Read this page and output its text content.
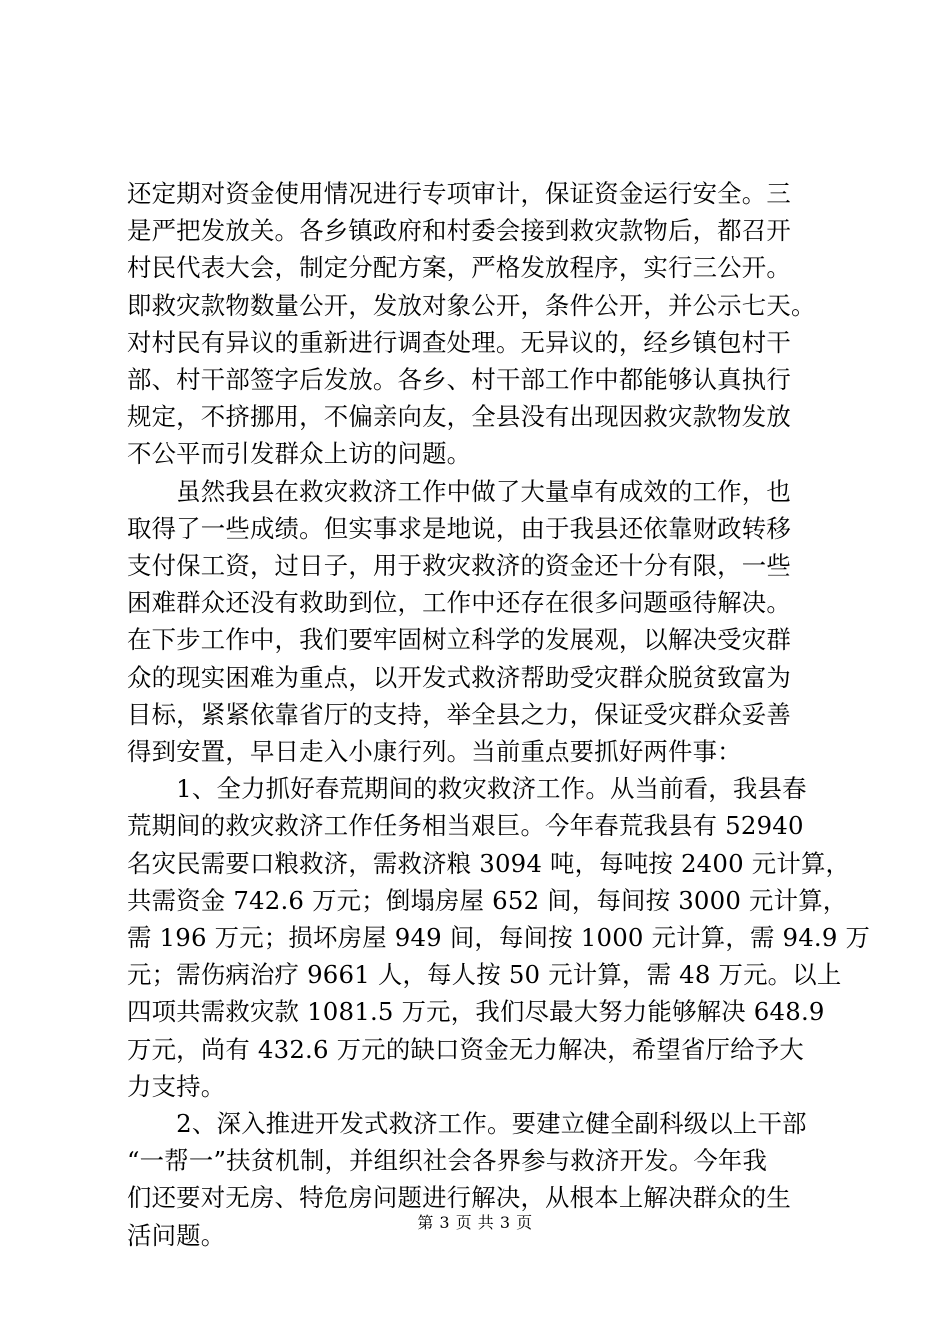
还定期对资金使用情况进行专项审计，保证资金运行安全。三
是严把发放关。各乡镇政府和村委会接到救灾款物后，都召开
村民代表大会，制定分配方案，严格发放程序，实行三公开。
即救灾款物数量公开，发放对象公开，条件公开，并公示七天。
对村民有异议的重新进行调查处理。无异议的，经乡镇包村干
部、村干部签字后发放。各乡、村干部工作中都能够认真执行
规定，不挤挪用，不偏亲向友，全县没有出现因救灾款物发放
不公平而引发群众上访的问题。
　　虽然我县在救灾救济工作中做了大量卓有成效的工作，也
取得了一些成绩。但实事求是地说，由于我县还依靠财政转移
支付保工资，过日子，用于救灾救济的资金还十分有限，一些
困难群众还没有救助到位，工作中还存在很多问题亟待解决。
在下步工作中，我们要牢固树立科学的发展观，以解决受灾群
众的现实困难为重点，以开发式救济帮助受灾群众脱贫致富为
目标，紧紧依靠省厅的支持，举全县之力，保证受灾群众妥善
得到安置，早日走入小康行列。当前重点要抓好两件事：
　　1、全力抓好春荒期间的救灾救济工作。从当前看，我县春
荒期间的救灾救济工作任务相当艰巨。今年春荒我县有 52940
名灾民需要口粮救济，需救济粮 3094 吨，每吨按 2400 元计算，
共需资金 742.6 万元；倒塌房屋 652 间，每间按 3000 元计算，
需 196 万元；损坏房屋 949 间，每间按 1000 元计算，需 94.9 万
元；需伤病治疗 9661 人，每人按 50 元计算，需 48 万元。以上
四项共需救灾款 1081.5 万元，我们尽最大努力能够解决 648.9
万元，尚有 432.6 万元的缺口资金无力解决，希望省厅给予大
力支持。
　　2、深入推进开发式救济工作。要建立健全副科级以上干部
“一帮一”扶贫机制，并组织社会各界参与救济开发。今年我
们还要对无房、特危房问题进行解决，从根本上解决群众的生
活问题。	第 3 页 共 3 页
